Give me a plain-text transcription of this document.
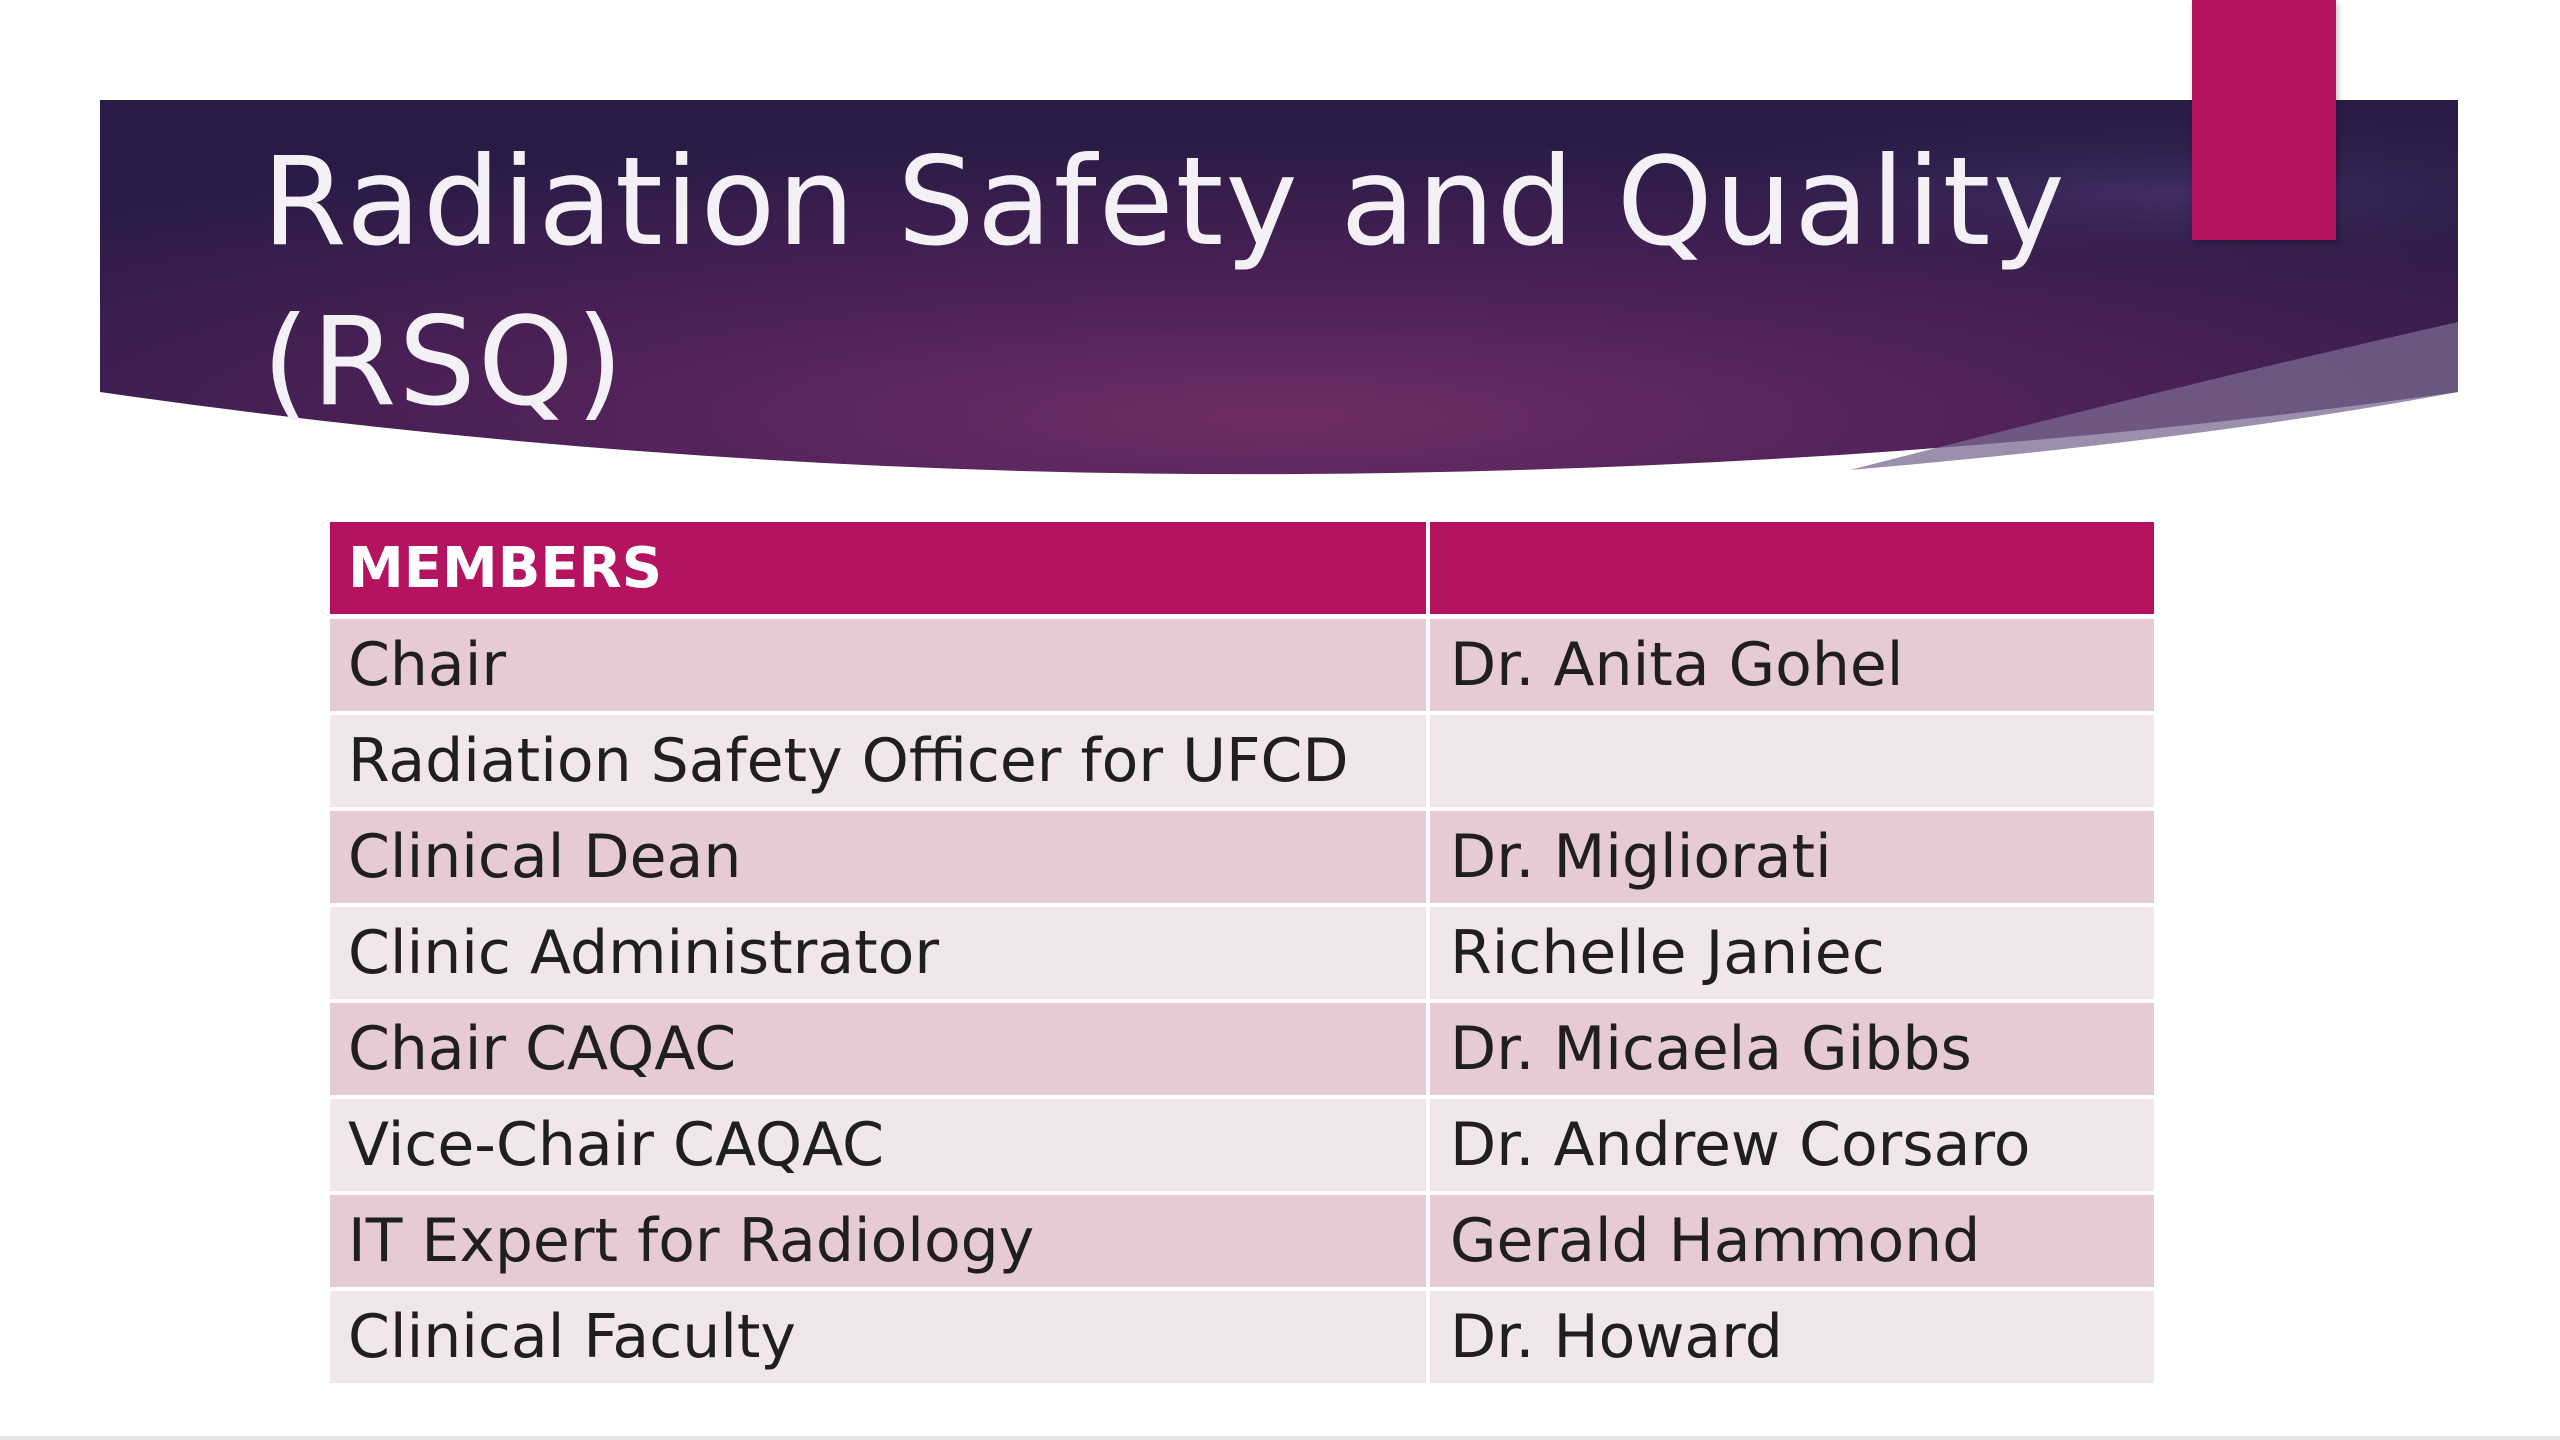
Radiation Safety and Quality (RSQ)
MEMBERS	
Chair	Dr. Anita Gohel
Radiation Safety Officer for UFCD	
Clinical Dean	Dr. Migliorati
Clinic Administrator	Richelle Janiec
Chair CAQAC	Dr. Micaela Gibbs
Vice-Chair CAQAC	Dr. Andrew Corsaro
IT Expert for Radiology	Gerald Hammond
Clinical Faculty	Dr. Howard
